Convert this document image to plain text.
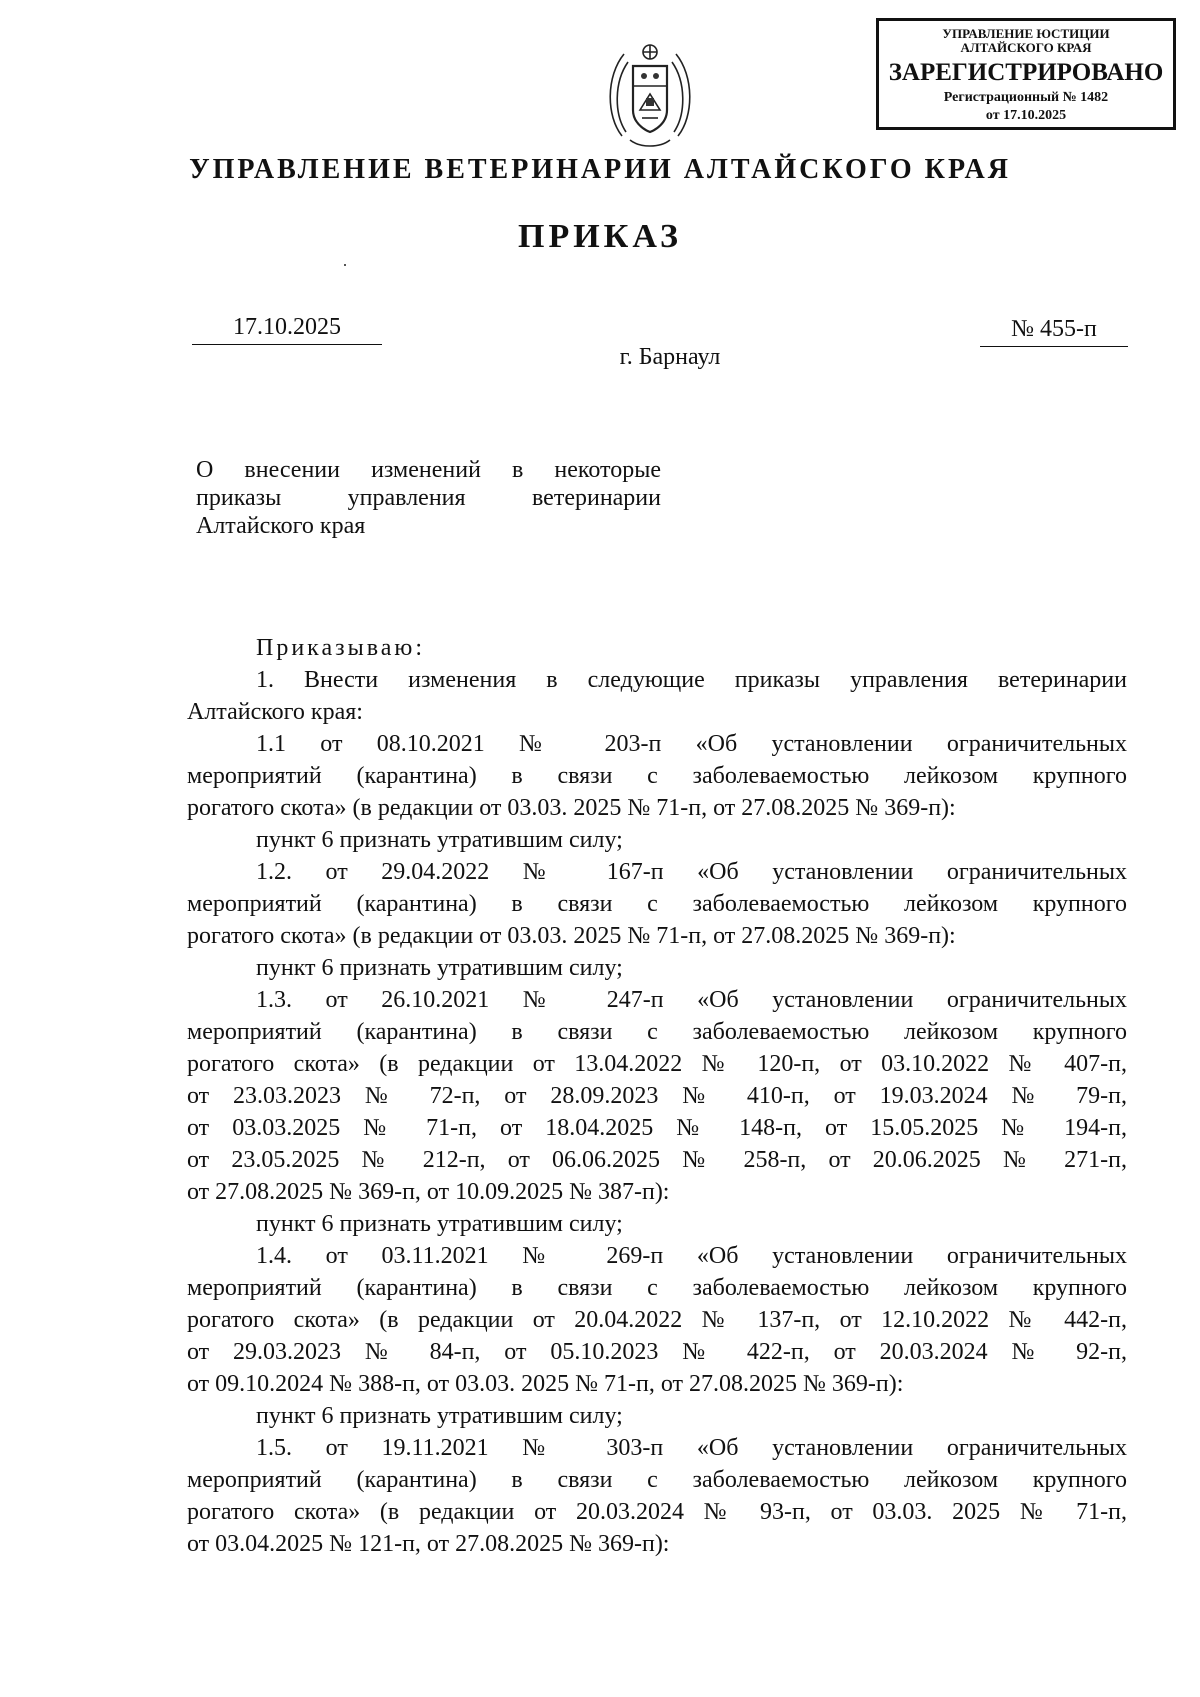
УПРАВЛЕНИЕ ЮСТИЦИИ
АЛТАЙСКОГО КРАЯ
ЗАРЕГИСТРИРОВАНО
Регистрационный № 1482
от 17.10.2025
УПРАВЛЕНИЕ ВЕТЕРИНАРИИ АЛТАЙСКОГО КРАЯ
ПРИКАЗ
17.10.2025	№ 455-п
г. Барнаул
О внесении изменений в некоторые
приказы управления ветеринарии
Алтайского края
Приказываю:
1. Внести изменения в следующие приказы управления ветеринарии
Алтайского края:
1.1 от 08.10.2021 № 203-п «Об установлении ограничительных
мероприятий (карантина) в связи с заболеваемостью лейкозом крупного
рогатого скота» (в редакции от 03.03. 2025 № 71-п, от 27.08.2025 № 369-п):
пункт 6 признать утратившим силу;
1.2. от 29.04.2022 № 167-п «Об установлении ограничительных
мероприятий (карантина) в связи с заболеваемостью лейкозом крупного
рогатого скота» (в редакции от 03.03. 2025 № 71-п, от 27.08.2025 № 369-п):
пункт 6 признать утратившим силу;
1.3. от 26.10.2021 № 247-п «Об установлении ограничительных
мероприятий (карантина) в связи с заболеваемостью лейкозом крупного
рогатого скота» (в редакции от 13.04.2022 № 120-п, от 03.10.2022 № 407-п,
от 23.03.2023 № 72-п, от 28.09.2023 № 410-п, от 19.03.2024 № 79-п,
от 03.03.2025 № 71-п, от 18.04.2025 № 148-п, от 15.05.2025 № 194-п,
от 23.05.2025 № 212-п, от 06.06.2025 № 258-п, от 20.06.2025 № 271-п,
от 27.08.2025 № 369-п, от 10.09.2025 № 387-п):
пункт 6 признать утратившим силу;
1.4. от 03.11.2021 № 269-п «Об установлении ограничительных
мероприятий (карантина) в связи с заболеваемостью лейкозом крупного
рогатого скота» (в редакции от 20.04.2022 № 137-п, от 12.10.2022 № 442-п,
от 29.03.2023 № 84-п, от 05.10.2023 № 422-п, от 20.03.2024 № 92-п,
от 09.10.2024 № 388-п, от 03.03. 2025 № 71-п, от 27.08.2025 № 369-п):
пункт 6 признать утратившим силу;
1.5. от 19.11.2021 № 303-п «Об установлении ограничительных
мероприятий (карантина) в связи с заболеваемостью лейкозом крупного
рогатого скота» (в редакции от 20.03.2024 № 93-п, от 03.03. 2025 № 71-п,
от 03.04.2025 № 121-п, от 27.08.2025 № 369-п):
